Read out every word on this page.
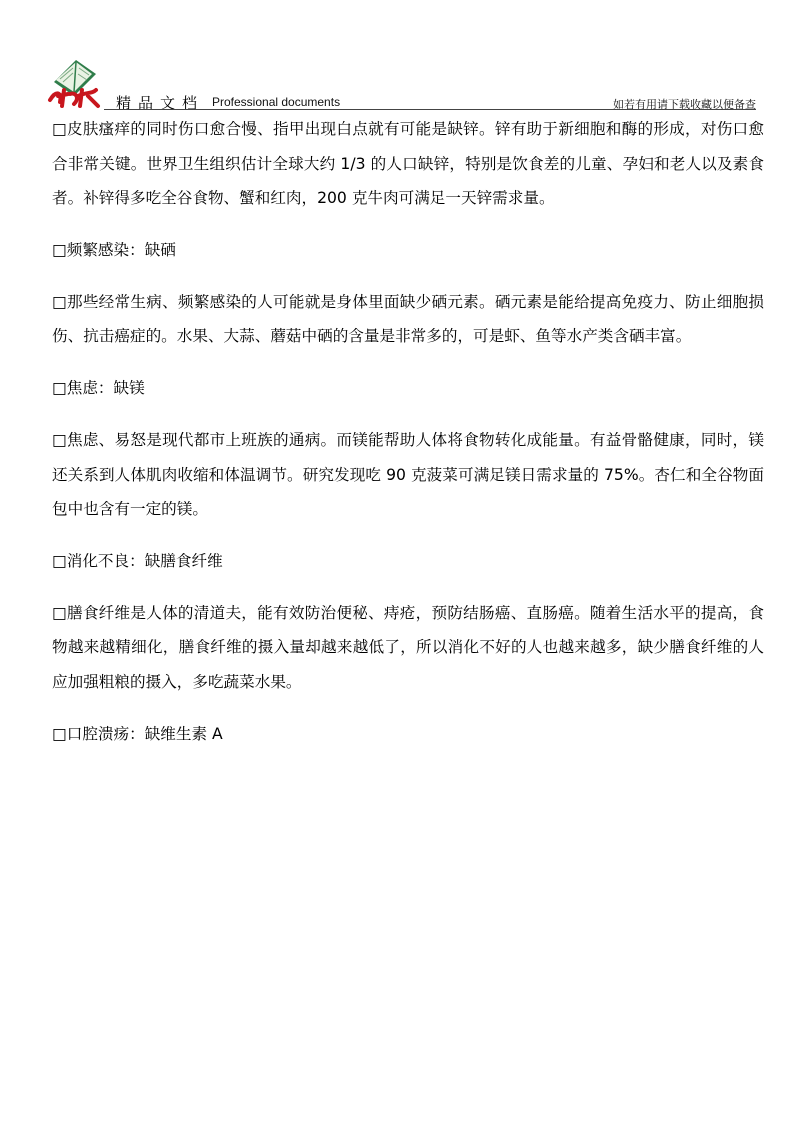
精品文档 Professional documents	如若有用请下载收藏以便备查

□皮肤瘙痒的同时伤口愈合慢、指甲出现白点就有可能是缺锌。锌有助于新细胞和酶的形成，对伤口愈合非常关键。世界卫生组织估计全球大约 1/3 的人口缺锌，特别是饮食差的儿童、孕妇和老人以及素食者。补锌得多吃全谷食物、蟹和红肉，200 克牛肉可满足一天锌需求量。

□频繁感染：缺硒

□那些经常生病、频繁感染的人可能就是身体里面缺少硒元素。硒元素是能给提高免疫力、防止细胞损伤、抗击癌症的。水果、大蒜、蘑菇中硒的含量是非常多的，可是虾、鱼等水产类含硒丰富。

□焦虑：缺镁

□焦虑、易怒是现代都市上班族的通病。而镁能帮助人体将食物转化成能量。有益骨骼健康，同时，镁还关系到人体肌肉收缩和体温调节。研究发现吃 90 克菠菜可满足镁日需求量的 75%。杏仁和全谷物面包中也含有一定的镁。

□消化不良：缺膳食纤维

□膳食纤维是人体的清道夫，能有效防治便秘、痔疮，预防结肠癌、直肠癌。随着生活水平的提高，食物越来越精细化，膳食纤维的摄入量却越来越低了，所以消化不好的人也越来越多，缺少膳食纤维的人应加强粗粮的摄入，多吃蔬菜水果。

□口腔溃疡：缺维生素 A
